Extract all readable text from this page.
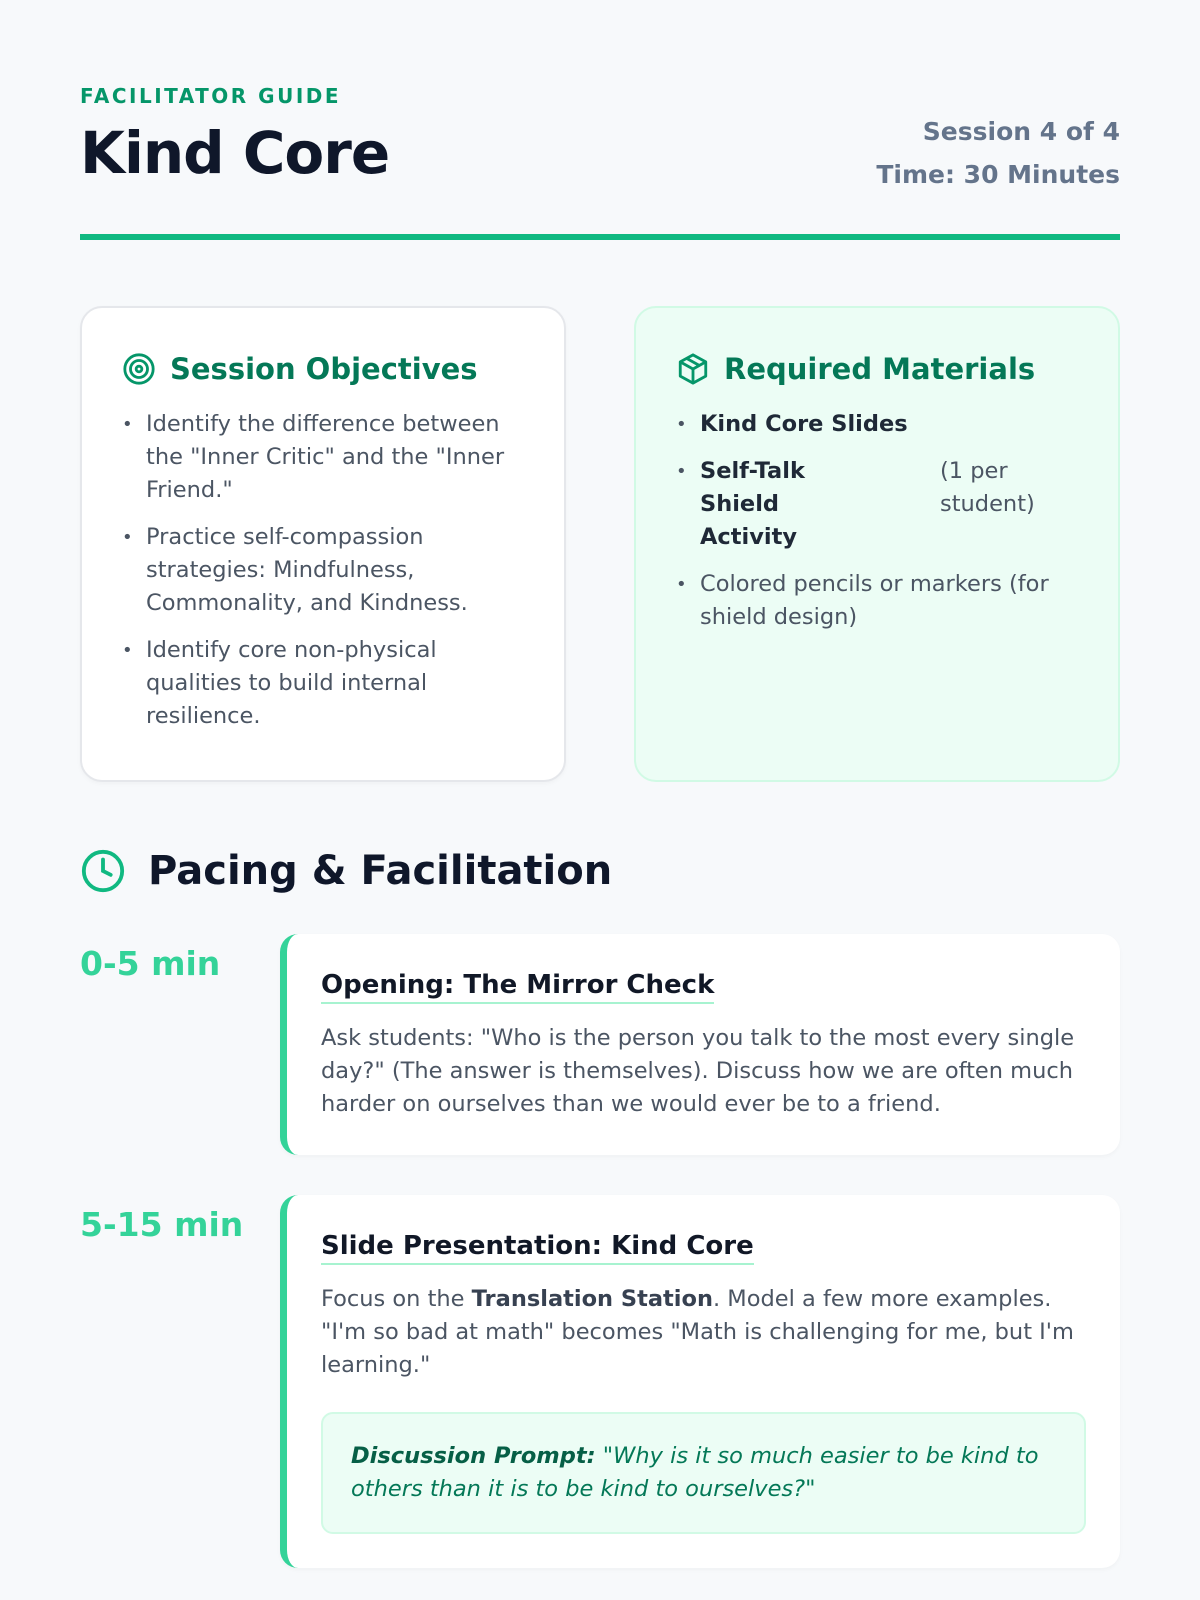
FACILITATOR GUIDE
Kind Core	Session 4 of 4
Time: 30 Minutes
Session Objectives
• Identify the difference between the "Inner Critic" and the "Inner Friend."
• Practice self-compassion strategies: Mindfulness, Commonality, and Kindness.
• Identify core non-physical qualities to build internal resilience.
Required Materials
• Kind Core Slides
• Self-Talk Shield Activity
(1 per student)
• Colored pencils or markers (for shield design)
Pacing & Facilitation
0-5 min
Opening: The Mirror Check

Ask students: "Who is the person you talk to the most every single day?" (The answer is themselves). Discuss how we are often much harder on ourselves than we would ever be to a friend.

5-15 min
Slide Presentation: Kind Core

Focus on the Translation Station. Model a few more examples. "I'm so bad at math" becomes "Math is challenging for me, but I'm learning."

Discussion Prompt: "Why is it so much easier to be kind to others than it is to be kind to ourselves?"
